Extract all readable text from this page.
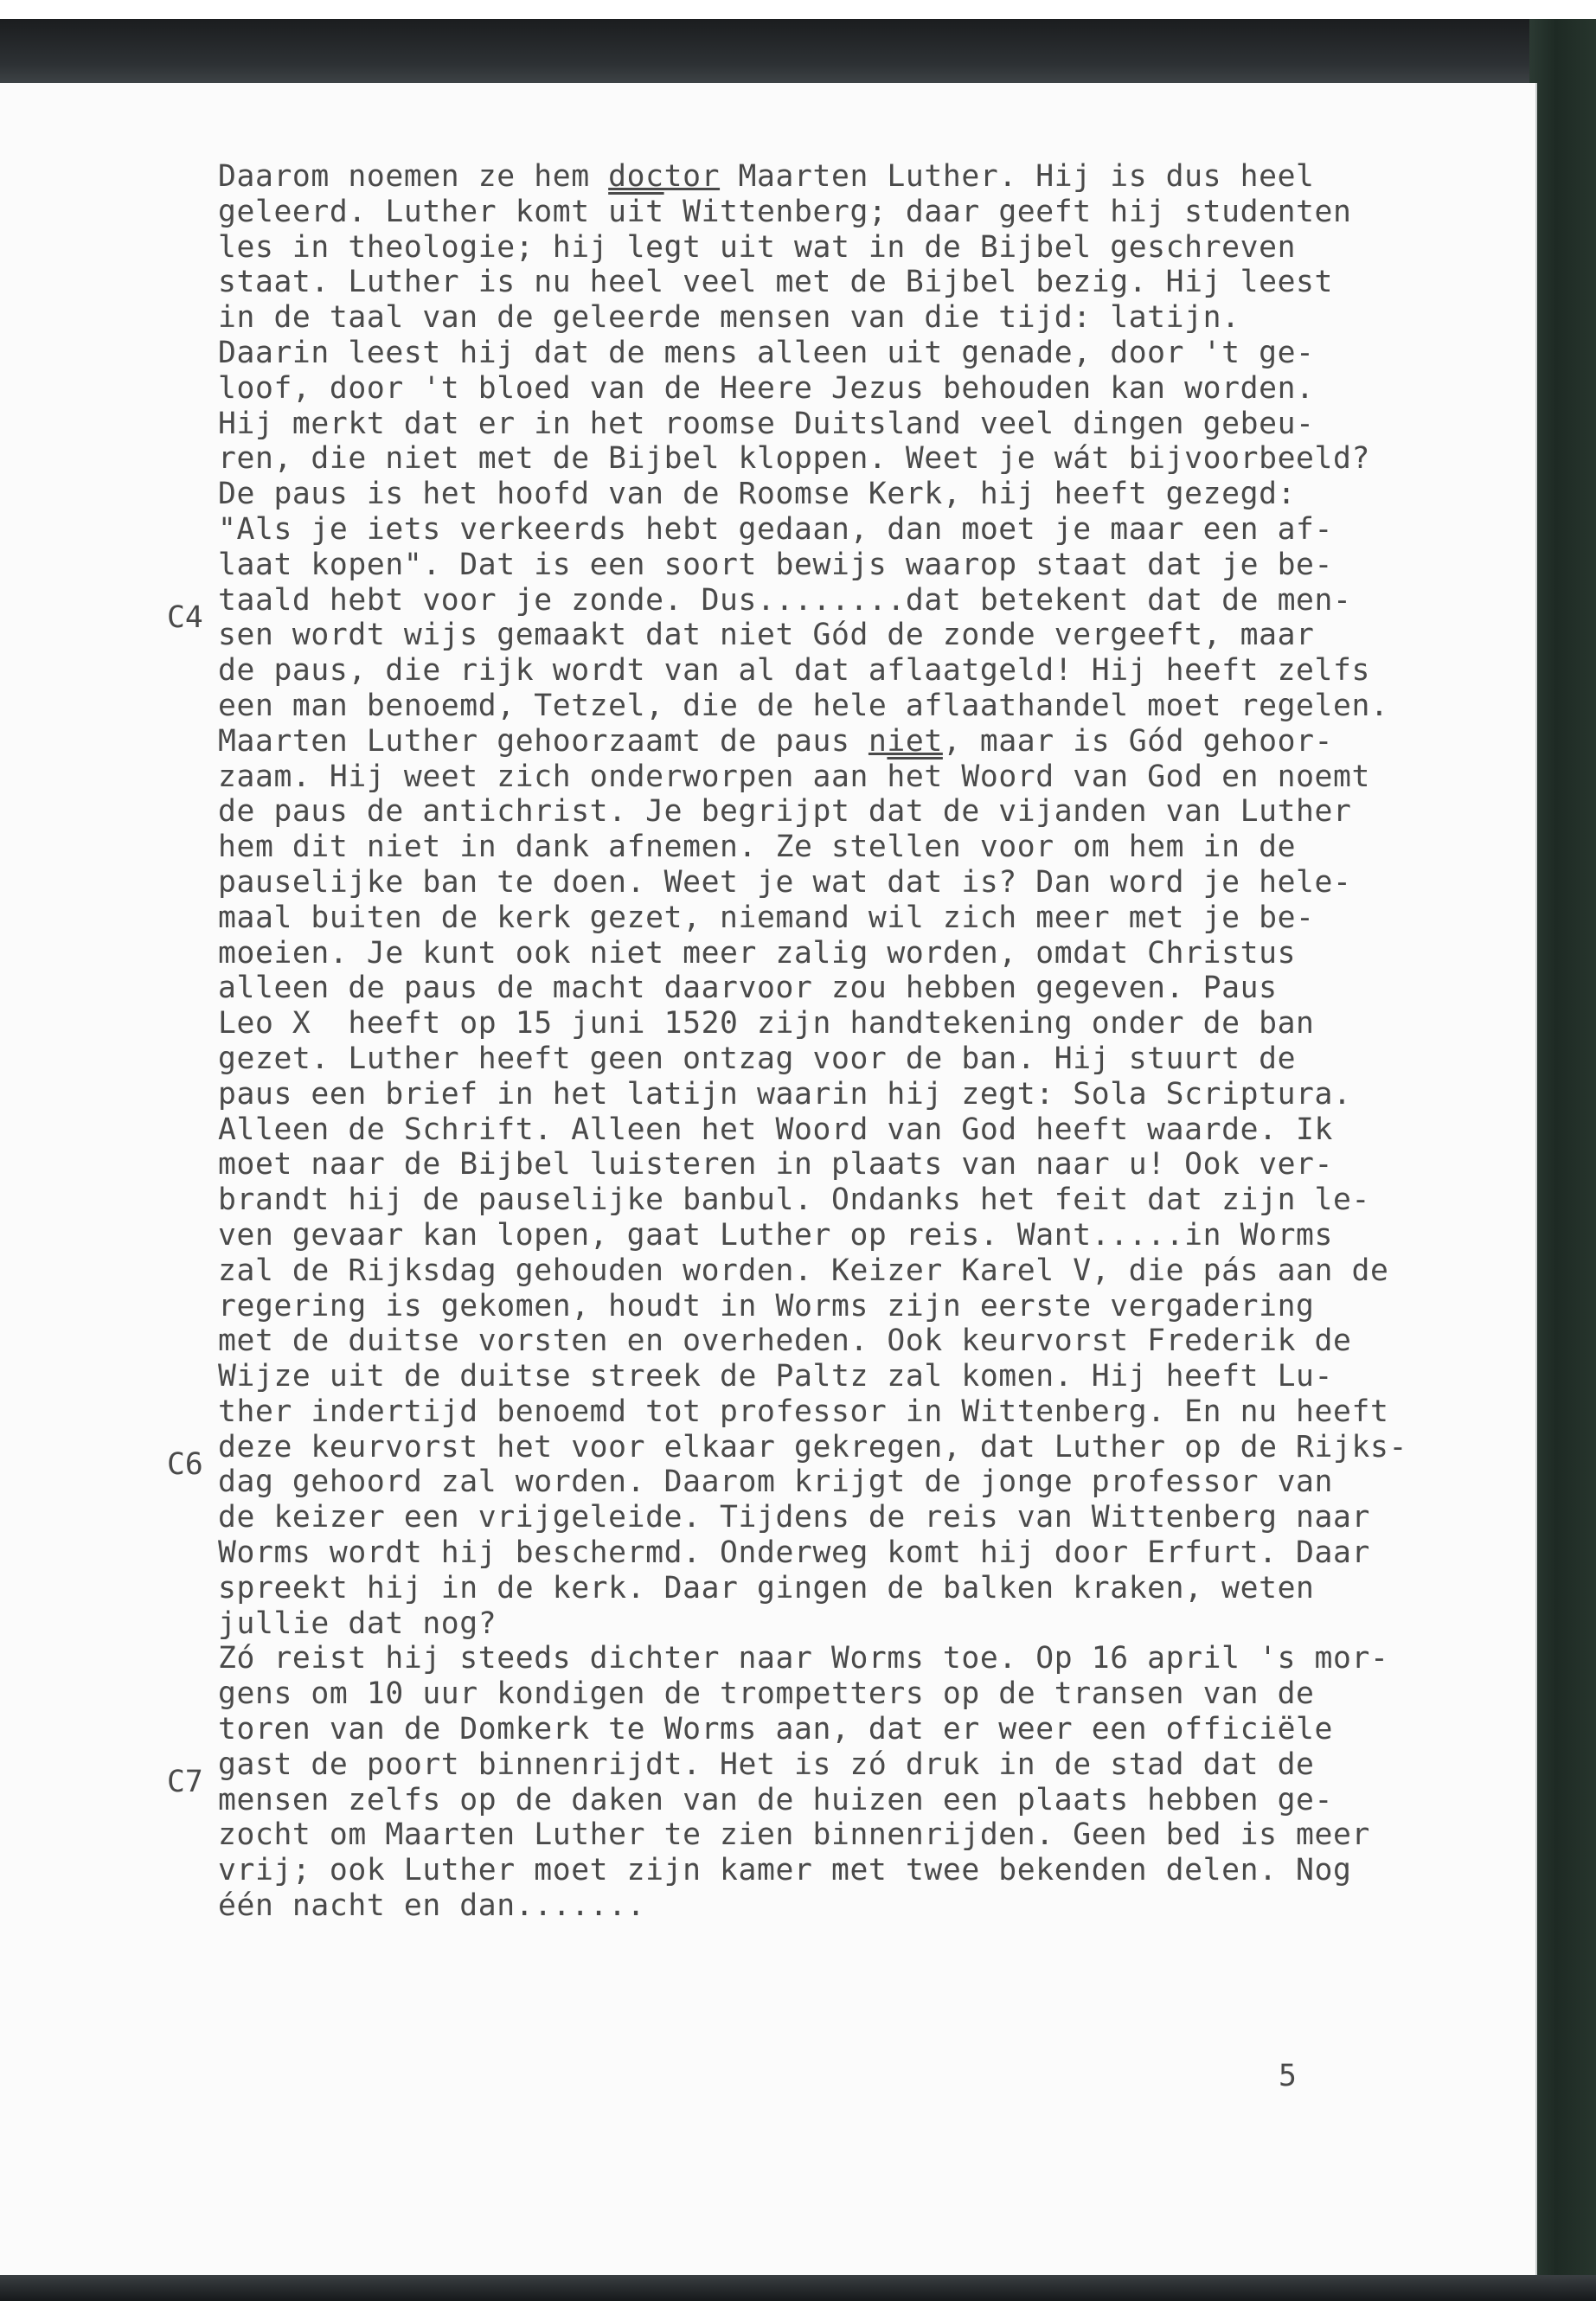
Daarom noemen ze hem doctor Maarten Luther. Hij is dus heel
geleerd. Luther komt $\overline{uit}$ Wittenberg; daar geeft hij studenten
les in theologie; hij legt uit wat in de Bijbel geschreven
staat. Luther is nu heel veel met de Bijbel bezig. Hij leest
in de taal van de geleerde mensen van die tijd: latijn.
Daarin leest hij dat de mens alleen uit genade, door 't ge-
loof, door 't bloed van de Heere Jezus behouden kan worden.
Hij merkt dat er in het roomse Duitsland veel dingen gebeu-
ren, die niet met de Bijbel kloppen. Weet je wát bijvoorbeeld?
De paus is het hoofd van de Roomse Kerk, hij heeft gezegd:
"Als je iets verkeerds hebt gedaan, dan moet je maar een af-
laat kopen". Dat is een soort bewijs waarop staat dat je be-
taald hebt voor je zonde. Dus........dat betekent dat de men-
sen wordt wijs gemaakt dat niet Gód de zonde vergeeft, maar
de paus, die rijk wordt van al dat aflaatgeld! Hij heeft zelfs
een man benoemd, Tetzel, die de hele aflaathandel moet regelen.
Maarten Luther gehoorzaamt de paus niet, maar is Gód gehoor-
zaam. Hij weet zich onderworpen aan $\overline{het}$ Woord van God en noemt
de paus de antichrist. Je begrijpt dat de vijanden van Luther
hem dit niet in dank afnemen. Ze stellen voor om hem in de
pauselijke ban te doen. Weet je wat dat is? Dan word je hele-
maal buiten de kerk gezet, niemand wil zich meer met je be-
moeien. Je kunt ook niet meer zalig worden, omdat Christus
alleen de paus de macht daarvoor zou hebben gegeven. Paus
Leo X  heeft op 15 juni 1520 zijn handtekening onder de ban
gezet. Luther heeft geen ontzag voor de ban. Hij stuurt de
paus een brief in het latijn waarin hij zegt: Sola Scriptura.
Alleen de Schrift. Alleen het Woord van God heeft waarde. Ik
moet naar de Bijbel luisteren in plaats van naar u! Ook ver-
brandt hij de pauselijke banbul. Ondanks het feit dat zijn le-
ven gevaar kan lopen, gaat Luther op reis. Want.....in Worms
zal de Rijksdag gehouden worden. Keizer Karel V, die pás aan de
regering is gekomen, houdt in Worms zijn eerste vergadering
met de duitse vorsten en overheden. Ook keurvorst Frederik de
Wijze uit de duitse streek de Paltz zal komen. Hij heeft Lu-
ther indertijd benoemd tot professor in Wittenberg. En nu heeft
deze keurvorst het voor elkaar gekregen, dat Luther op de Rijks-
dag gehoord zal worden. Daarom krijgt de jonge professor van
de keizer een vrijgeleide. Tijdens de reis van Wittenberg naar
Worms wordt hij beschermd. Onderweg komt hij door Erfurt. Daar
spreekt hij in de kerk. Daar gingen de balken kraken, weten
jullie dat nog?
Zó reist hij steeds dichter naar Worms toe. Op 16 april 's mor-
gens om 10 uur kondigen de trompetters op de transen van de
toren van de Domkerk te Worms aan, dat er weer een officiële
gast de poort binnenrijdt. Het is zó druk in de stad dat de
mensen zelfs op de daken van de huizen een plaats hebben ge-
zocht om Maarten Luther te zien binnenrijden. Geen bed is meer
vrij; ook Luther moet zijn kamer met twee bekenden delen. Nog
één nacht en dan.......
C4
C6
C7
5
